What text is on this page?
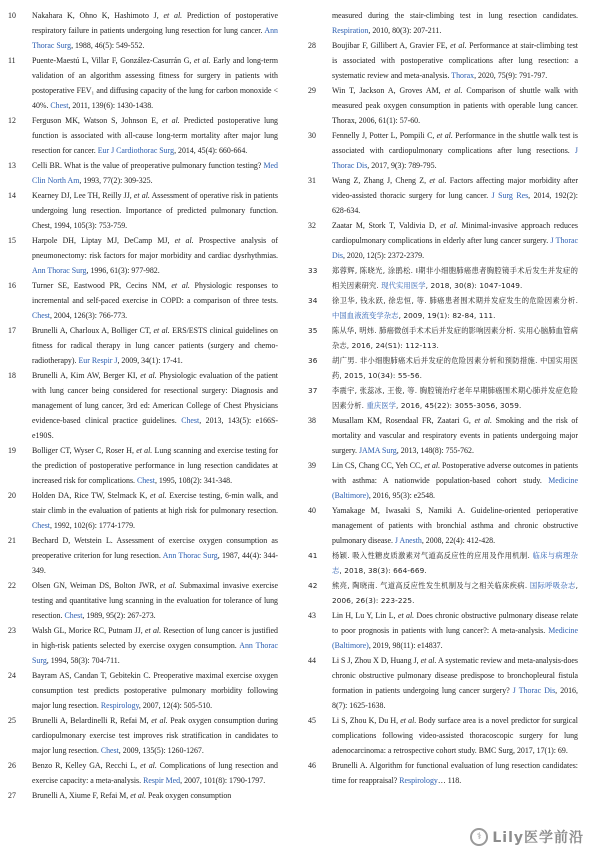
10	Nakahara K, Ohno K, Hashimoto J, et al. Prediction of postoperative respiratory failure in patients undergoing lung resection for lung cancer. Ann Thorac Surg, 1988, 46(5): 549-552.
11	Puente-Maestú L, Villar F, González-Casurrán G, et al. Early and long-term validation of an algorithm assessing fitness for surgery in patients with postoperative FEV₁ and diffusing capacity of the lung for carbon monoxide < 40%. Chest, 2011, 139(6): 1430-1438.
12	Ferguson MK, Watson S, Johnson E, et al. Predicted postoperative lung function is associated with all-cause long-term mortality after major lung resection for cancer. Eur J Cardiothorac Surg, 2014, 45(4): 660-664.
13	Celli BR. What is the value of preoperative pulmonary function testing? Med Clin North Am, 1993, 77(2): 309-325.
14	Kearney DJ, Lee TH, Reilly JJ, et al. Assessment of operative risk in patients undergoing lung resection. Importance of predicted pulmonary function. Chest, 1994, 105(3): 753-759.
15	Harpole DH, Liptay MJ, DeCamp MJ, et al. Prospective analysis of pneumonectomy: risk factors for major morbidity and cardiac dysrhythmias. Ann Thorac Surg, 1996, 61(3): 977-982.
16	Turner SE, Eastwood PR, Cecins NM, et al. Physiologic responses to incremental and self-paced exercise in COPD: a comparison of three tests. Chest, 2004, 126(3): 766-773.
17	Brunelli A, Charloux A, Bolliger CT, et al. ERS/ESTS clinical guidelines on fitness for radical therapy in lung cancer patients (surgery and chemo-radiotherapy). Eur Respir J, 2009, 34(1): 17-41.
18	Brunelli A, Kim AW, Berger KI, et al. Physiologic evaluation of the patient with lung cancer being considered for resectional surgery: Diagnosis and management of lung cancer, 3rd ed: American College of Chest Physicians evidence-based clinical practice guidelines. Chest, 2013, 143(5): e166S-e190S.
19	Bolliger CT, Wyser C, Roser H, et al. Lung scanning and exercise testing for the prediction of postoperative performance in lung resection candidates at increased risk for complications. Chest, 1995, 108(2): 341-348.
20	Holden DA, Rice TW, Stelmack K, et al. Exercise testing, 6-min walk, and stair climb in the evaluation of patients at high risk for pulmonary resection. Chest, 1992, 102(6): 1774-1779.
21	Bechard D, Wetstein L. Assessment of exercise oxygen consumption as preoperative criterion for lung resection. Ann Thorac Surg, 1987, 44(4): 344-349.
22	Olsen GN, Weiman DS, Bolton JWR, et al. Submaximal invasive exercise testing and quantitative lung scanning in the evaluation for tolerance of lung resection. Chest, 1989, 95(2): 267-273.
23	Walsh GL, Morice RC, Putnam JJ, et al. Resection of lung cancer is justified in high-risk patients selected by exercise oxygen consumption. Ann Thorac Surg, 1994, 58(3): 704-711.
24	Bayram AS, Candan T, Gebitekin C. Preoperative maximal exercise oxygen consumption test predicts postoperative pulmonary morbidity following major lung resection. Respirology, 2007, 12(4): 505-510.
25	Brunelli A, Belardinelli R, Refai M, et al. Peak oxygen consumption during cardiopulmonary exercise test improves risk stratification in candidates to major lung resection. Chest, 2009, 135(5): 1260-1267.
26	Benzo R, Kelley GA, Recchi L, et al. Complications of lung resection and exercise capacity: a meta-analysis. Respir Med, 2007, 101(8): 1790-1797.
27	Brunelli A, Xiume F, Refai M, et al. Peak oxygen consumption
measured during the stair-climbing test in lung resection candidates. Respiration, 2010, 80(3): 207-211.
28	Boujibar F, Gillibert A, Gravier FE, et al. Performance at stair-climbing test is associated with postoperative complications after lung resection: a systematic review and meta-analysis. Thorax, 2020, 75(9): 791-797.
29	Win T, Jackson A, Groves AM, et al. Comparison of shuttle walk with measured peak oxygen consumption in patients with operable lung cancer. Thorax, 2006, 61(1): 57-60.
30	Fennelly J, Potter L, Pompili C, et al. Performance in the shuttle walk test is associated with cardiopulmonary complications after lung resections. J Thorac Dis, 2017, 9(3): 789-795.
31	Wang Z, Zhang J, Cheng Z, et al. Factors affecting major morbidity after video-assisted thoracic surgery for lung cancer. J Surg Res, 2014, 192(2): 628-634.
32	Zaatar M, Stork T, Valdivia D, et al. Minimal-invasive approach reduces cardiopulmonary complications in elderly after lung cancer surgery. J Thorac Dis, 2020, 12(5): 2372-2379.
33	郑蓉辉, 陈晓光, 涂鹃松. Ⅰ期非小细胞肺癌患者胸腔镜手术后发生并发症的相关因素研究. 现代实用医学, 2018, 30(8): 1047-1049.
34	徐卫华, 钱永跃, 徐忠恒, 等. 肺癌患者围术期并发症发生的危险因素分析. 中国血液流变学杂志, 2009, 19(1): 82-84, 111.
35	陈从华, 明炜. 肺癌微创手术术后并发症的影响因素分析. 实用心脑肺血管病杂志, 2016, 24(S1): 112-113.
36	胡广男. 非小细胞肺癌术后并发症的危险因素分析和预防措施. 中国实用医药, 2015, 10(34): 55-56.
37	李震宇, 张蕊冰, 王俊, 等. 胸腔镜治疗老年早期肺癌围术期心肺并发症危险因素分析. 重庆医学, 2016, 45(22): 3055-3056, 3059.
38	Musallam KM, Rosendaal FR, Zaatari G, et al. Smoking and the risk of mortality and vascular and respiratory events in patients undergoing major surgery. JAMA Surg, 2013, 148(8): 755-762.
39	Lin CS, Chang CC, Yeh CC, et al. Postoperative adverse outcomes in patients with asthma: A nationwide population-based cohort study. Medicine (Baltimore), 2016, 95(3): e2548.
40	Yamakage M, Iwasaki S, Namiki A. Guideline-oriented perioperative management of patients with bronchial asthma and chronic obstructive pulmonary disease. J Anesth, 2008, 22(4): 412-428.
41	杨颖. 吸入性糖皮质激素对气道高反应性的应用及作用机制. 临床与病理杂志, 2018, 38(3): 664-669.
42	熊亮, 陶晓南. 气道高反应性发生机制及与之相关临床疾病. 国际呼吸杂志, 2006, 26(3): 223-225.
43	Lin H, Lu Y, Lin L, et al. Does chronic obstructive pulmonary disease relate to poor prognosis in patients with lung cancer?: A meta-analysis. Medicine (Baltimore), 2019, 98(11): e14837.
44	Li S J, Zhou X D, Huang J, et al. A systematic review and meta-analysis-does chronic obstructive pulmonary disease predispose to bronchopleural fistula formation in patients undergoing lung cancer surgery? J Thorac Dis, 2016, 8(7): 1625-1638.
45	Li S, Zhou K, Du H, et al. Body surface area is a novel predictor for surgical complications following video-assisted thoracoscopic surgery for lung adenocarcinoma: a retrospective cohort study. BMC Surg, 2017, 17(1): 69.
46	Brunelli A. Algorithm for functional evaluation of lung resection candidates: time for reappraisal? Respirology… 118.
⚕ Lily医学前沿
